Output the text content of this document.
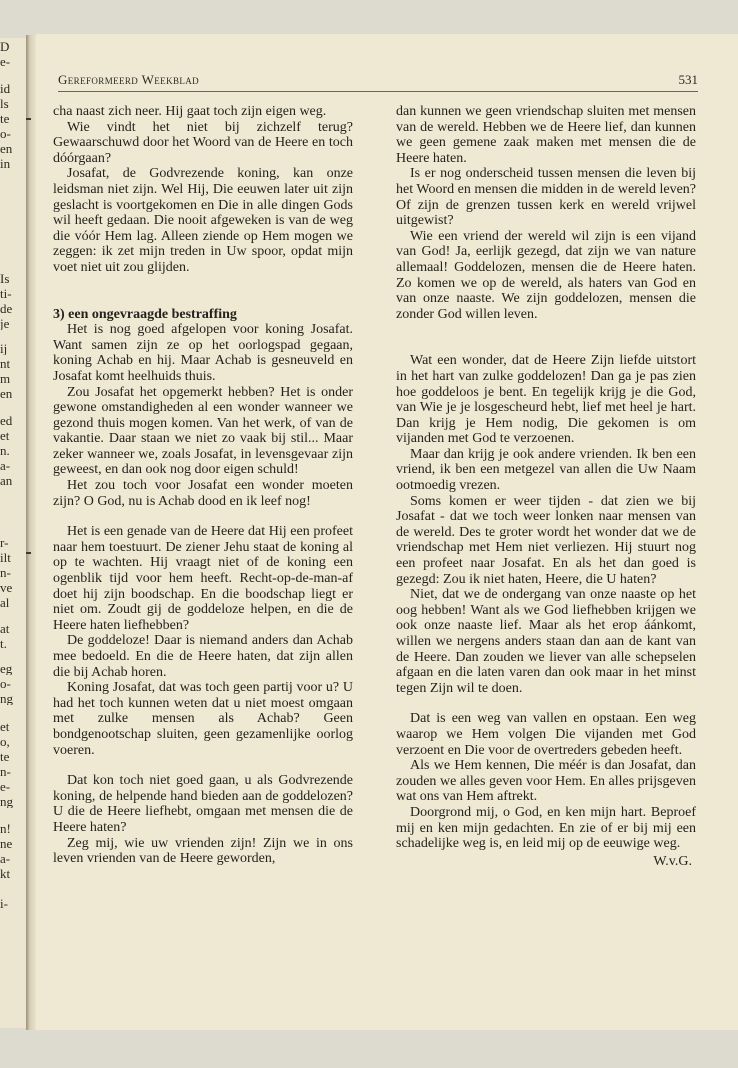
D
e-
id
ls
te
o-
en
in
Is
ti-
de
je
ij
nt
m
en
ed
et
n.
a-
an
r-
ilt
n-
ve
al
at
t.
eg
o-
ng
et
o,
te
n-
e-
ng
n!
ne
a-
kt
i-
Gereformeerd Weekblad	531

cha naast zich neer. Hij gaat toch zijn eigen weg.

Wie vindt het niet bij zichzelf terug? Gewaarschuwd door het Woord van de Heere en toch dóórgaan?

Josafat, de Godvrezende koning, kan onze leidsman niet zijn. Wel Hij, Die eeuwen later uit zijn geslacht is voortgekomen en Die in alle dingen Gods wil heeft gedaan. Die nooit afgeweken is van de weg die vóór Hem lag. Alleen ziende op Hem mogen we zeggen: ik zet mijn treden in Uw spoor, opdat mijn voet niet uit zou glijden.

3) een ongevraagde bestraffing

Het is nog goed afgelopen voor koning Josafat. Want samen zijn ze op het oorlogspad gegaan, koning Achab en hij. Maar Achab is gesneuveld en Josafat komt heelhuids thuis.

Zou Josafat het opgemerkt hebben? Het is onder gewone omstandigheden al een wonder wanneer we gezond thuis mogen komen. Van het werk, of van de vakantie. Daar staan we niet zo vaak bij stil... Maar zeker wanneer we, zoals Josafat, in levensgevaar zijn geweest, en dan ook nog door eigen schuld!

Het zou toch voor Josafat een wonder moeten zijn? O God, nu is Achab dood en ik leef nog!

Het is een genade van de Heere dat Hij een profeet naar hem toestuurt. De ziener Jehu staat de koning al op te wachten. Hij vraagt niet of de koning een ogenblik tijd voor hem heeft. Recht-op-de-man-af doet hij zijn boodschap. En die boodschap liegt er niet om. Zoudt gij de goddeloze helpen, en die de Heere haten liefhebben?

De goddeloze! Daar is niemand anders dan Achab mee bedoeld. En die de Heere haten, dat zijn allen die bij Achab horen.

Koning Josafat, dat was toch geen partij voor u? U had het toch kunnen weten dat u niet moest omgaan met zulke mensen als Achab? Geen bondgenootschap sluiten, geen gezamenlijke oorlog voeren.

Dat kon toch niet goed gaan, u als Godvrezende koning, de helpende hand bieden aan de goddelozen? U die de Heere liefhebt, omgaan met mensen die de Heere haten?

Zeg mij, wie uw vrienden zijn! Zijn we in ons leven vrienden van de Heere geworden,

dan kunnen we geen vriendschap sluiten met mensen van de wereld. Hebben we de Heere lief, dan kunnen we geen gemene zaak maken met mensen die de Heere haten.

Is er nog onderscheid tussen mensen die leven bij het Woord en mensen die midden in de wereld leven? Of zijn de grenzen tussen kerk en wereld vrijwel uitgewist?

Wie een vriend der wereld wil zijn is een vijand van God! Ja, eerlijk gezegd, dat zijn we van nature allemaal! Goddelozen, mensen die de Heere haten. Zo komen we op de wereld, als haters van God en van onze naaste. We zijn goddelozen, mensen die zonder God willen leven.

Wat een wonder, dat de Heere Zijn liefde uitstort in het hart van zulke goddelozen! Dan ga je pas zien hoe goddeloos je bent. En tegelijk krijg je die God, van Wie je je losgescheurd hebt, lief met heel je hart. Dan krijg je Hem nodig, Die gekomen is om vijanden met God te verzoenen.

Maar dan krijg je ook andere vrienden. Ik ben een vriend, ik ben een metgezel van allen die Uw Naam ootmoedig vrezen.

Soms komen er weer tijden - dat zien we bij Josafat - dat we toch weer lonken naar mensen van de wereld. Des te groter wordt het wonder dat we de vriendschap met Hem niet verliezen. Hij stuurt nog een profeet naar Josafat. En als het dan goed is gezegd: Zou ik niet haten, Heere, die U haten?

Niet, dat we de ondergang van onze naaste op het oog hebben! Want als we God liefhebben krijgen we ook onze naaste lief. Maar als het erop áánkomt, willen we nergens anders staan dan aan de kant van de Heere. Dan zouden we liever van alle schepselen afgaan en die laten varen dan ook maar in het minst tegen Zijn wil te doen.

Dat is een weg van vallen en opstaan. Een weg waarop we Hem volgen Die vijanden met God verzoent en Die voor de overtreders gebeden heeft.

Als we Hem kennen, Die méér is dan Josafat, dan zouden we alles geven voor Hem. En alles prijsgeven wat ons van Hem aftrekt.

Doorgrond mij, o God, en ken mijn hart. Beproef mij en ken mijn gedachten. En zie of er bij mij een schadelijke weg is, en leid mij op de eeuwige weg.

W.v.G.
